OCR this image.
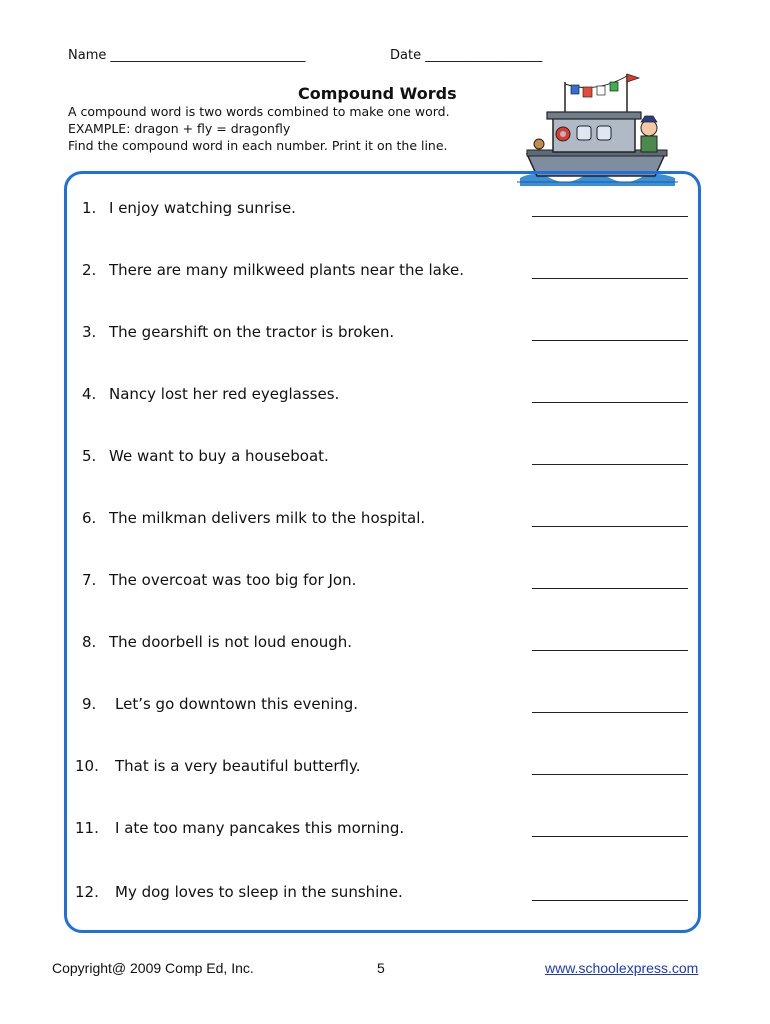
Name ______________________________	Date __________________
Compound Words
A compound word is two words combined to make one word.
EXAMPLE: dragon + fly = dragonfly
Find the compound word in each number. Print it on the line.
1. I enjoy watching sunrise.
2. There are many milkweed plants near the lake.
3. The gearshift on the tractor is broken.
4. Nancy lost her red eyeglasses.
5. We want to buy a houseboat.
6. The milkman delivers milk to the hospital.
7. The overcoat was too big for Jon.
8. The doorbell is not loud enough.
9. Let’s go downtown this evening.
10. That is a very beautiful butterfly.
11. I ate too many pancakes this morning.
12. My dog loves to sleep in the sunshine.
Copyright@ 2009 Comp Ed, Inc.	5	www.schoolexpress.com
